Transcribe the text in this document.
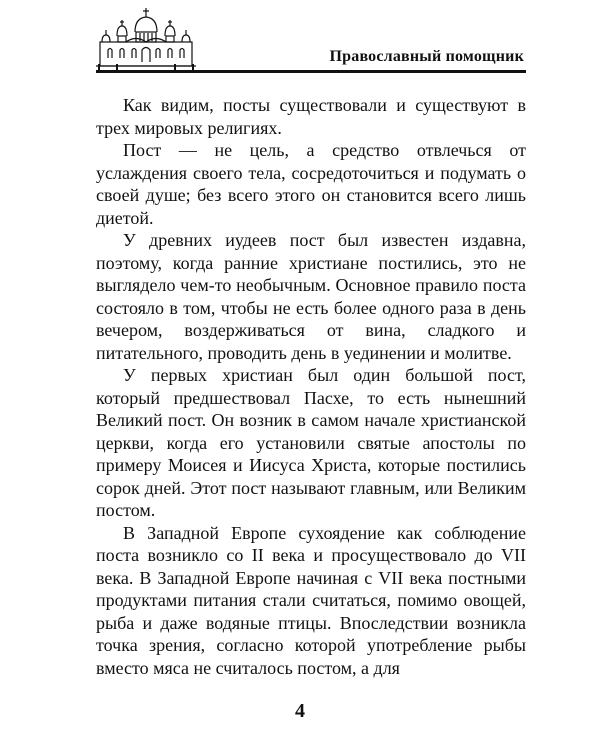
Православный помощник

Как видим, посты существовали и существуют в трех мировых религиях.

Пост — не цель, а средство отвлечься от услаждения своего тела, сосредоточиться и подумать о своей душе; без всего этого он становится всего лишь диетой.

У древних иудеев пост был известен издавна, поэтому, когда ранние христиане постились, это не выглядело чем-то необычным. Основное правило поста состояло в том, чтобы не есть более одного раза в день вечером, воздерживаться от вина, сладкого и питательного, проводить день в уединении и молитве.

У первых христиан был один большой пост, который предшествовал Пасхе, то есть нынешний Великий пост. Он возник в самом начале христианской церкви, когда его установили святые апостолы по примеру Моисея и Иисуса Христа, которые постились сорок дней. Этот пост называют главным, или Великим постом.

В Западной Европе сухоядение как соблюдение поста возникло со II века и просуществовало до VII века. В Западной Европе начиная с VII века постными продуктами питания стали считаться, помимо овощей, рыба и даже водяные птицы. Впоследствии возникла точка зрения, согласно которой употребление рыбы вместо мяса не считалось постом, а для

4
